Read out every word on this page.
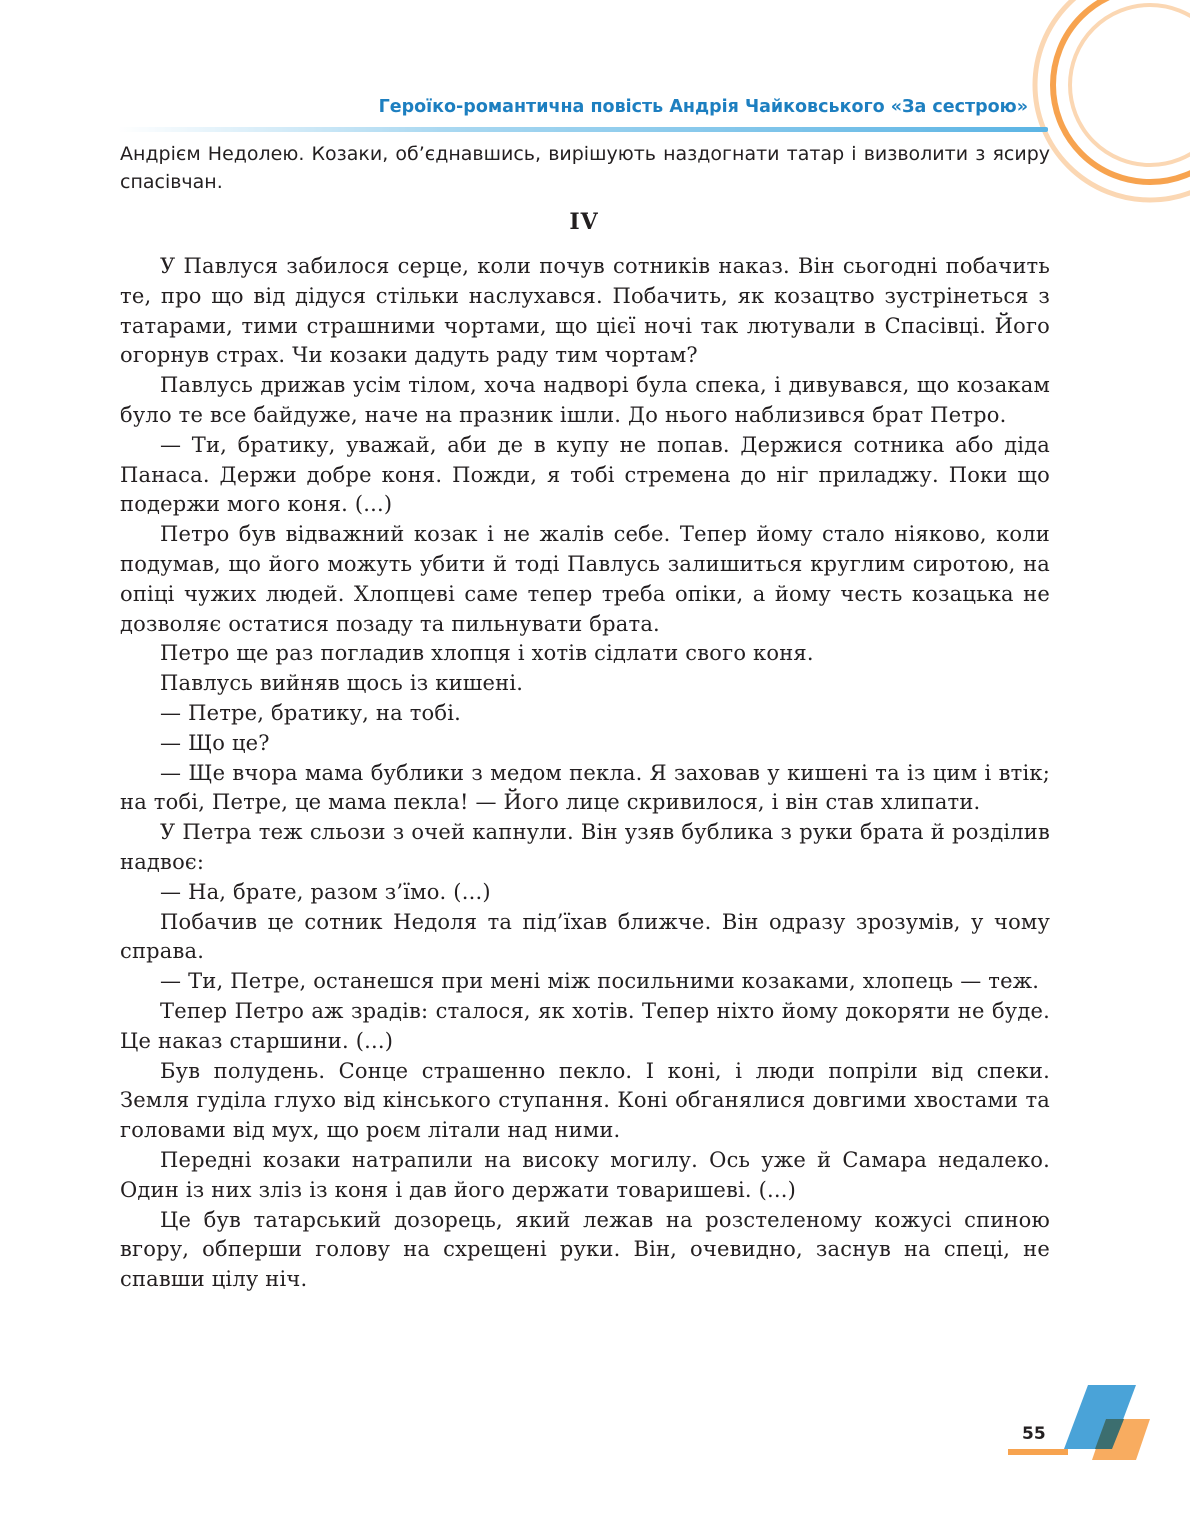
Героїко-романтична повість Андрія Чайковського «За сестрою»

Андрієм Недолею. Козаки, об’єднавшись, вирішують наздогнати татар і визволити з ясиру спасівчан.

IV

У Павлуся забилося серце, коли почув сотників наказ. Він сьогодні побачить те, про що від дідуся стільки наслухався. Побачить, як козацтво зустрінеться з татарами, тими страшними чортами, що цієї ночі так лютували в Спасівці. Його огорнув страх. Чи козаки дадуть раду тим чортам?

Павлусь дрижав усім тілом, хоча надворі була спека, і дивувався, що козакам було те все байдуже, наче на празник ішли. До нього наблизився брат Петро.

— Ти, братику, уважай, аби де в купу не попав. Держися сотника або діда Панаса. Держи добре коня. Пожди, я тобі стремена до ніг приладжу. Поки що подержи мого коня. (...)

Петро був відважний козак і не жалів себе. Тепер йому стало ніяково, коли подумав, що його можуть убити й тоді Павлусь залишиться круглим сиротою, на опіці чужих людей. Хлопцеві саме тепер треба опіки, а йому честь козацька не дозволяє остатися позаду та пильнувати брата.

Петро ще раз погладив хлопця і хотів сідлати свого коня.

Павлусь вийняв щось із кишені.

— Петре, братику, на тобі.

— Що це?

— Ще вчора мама бублики з медом пекла. Я заховав у кишені та із цим і втік; на тобі, Петре, це мама пекла! — Його лице скривилося, і він став хлипати.

У Петра теж сльози з очей капнули. Він узяв бублика з руки брата й розділив надвоє:

— На, брате, разом з’їмо. (...)

Побачив це сотник Недоля та під’їхав ближче. Він одразу зрозумів, у чому справа.

— Ти, Петре, останешся при мені між посильними козаками, хлопець — теж.

Тепер Петро аж зрадів: сталося, як хотів. Тепер ніхто йому докоряти не буде. Це наказ старшини. (...)

Був полудень. Сонце страшенно пекло. І коні, і люди попріли від спеки. Земля гуділа глухо від кінського ступання. Коні обганялися довгими хвостами та головами від мух, що роєм літали над ними.

Передні козаки натрапили на високу могилу. Ось уже й Самара недалеко. Один із них зліз із коня і дав його держати товаришеві. (...)

Це був татарський дозорець, який лежав на розстеленому кожусі спиною вгору, обперши голову на схрещені руки. Він, очевидно, заснув на спеці, не спавши цілу ніч.

55
